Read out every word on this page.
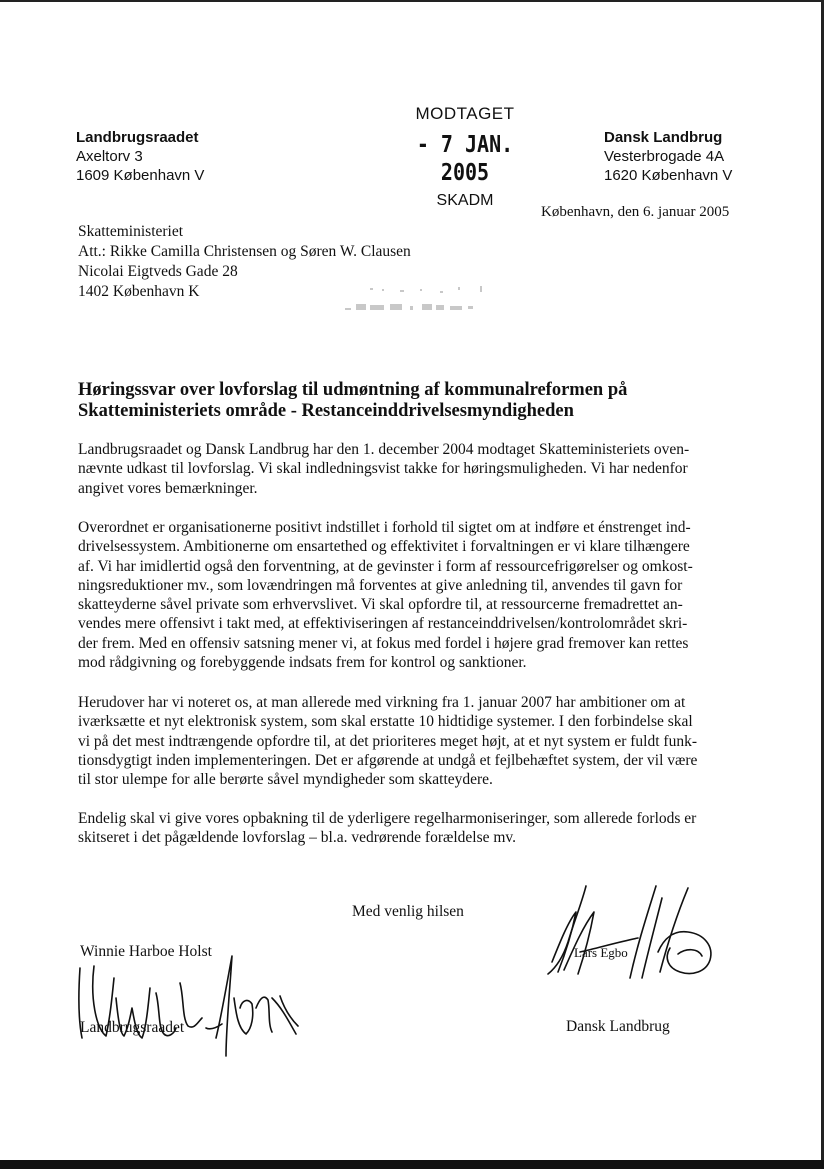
Landbrugsraadet
Axeltorv 3
1609 København V
MODTAGET
- 7 JAN. 2005
SKADM
Dansk Landbrug
Vesterbrogade 4A
1620 København V
København, den 6. januar 2005
Skatteministeriet
Att.: Rikke Camilla Christensen og Søren W. Clausen
Nicolai Eigtveds Gade 28
1402 København K
Høringssvar over lovforslag til udmøntning af kommunalreformen på
Skatteministeriets område - Restanceinddrivelsesmyndigheden
Landbrugsraadet og Dansk Landbrug har den 1. december 2004 modtaget Skatteministeriets oven-
nævnte udkast til lovforslag. Vi skal indledningsvist takke for høringsmuligheden. Vi har nedenfor
angivet vores bemærkninger.
Overordnet er organisationerne positivt indstillet i forhold til sigtet om at indføre et énstrenget ind-
drivelsessystem. Ambitionerne om ensartethed og effektivitet i forvaltningen er vi klare tilhængere
af. Vi har imidlertid også den forventning, at de gevinster i form af ressourcefrigørelser og omkost-
ningsreduktioner mv., som lovændringen må forventes at give anledning til, anvendes til gavn for
skatteyderne såvel private som erhvervslivet. Vi skal opfordre til, at ressourcerne fremadrettet an-
vendes mere offensivt i takt med, at effektiviseringen af restanceinddrivelsen/kontrolområdet skri-
der frem. Med en offensiv satsning mener vi, at fokus med fordel i højere grad fremover kan rettes
mod rådgivning og forebyggende indsats frem for kontrol og sanktioner.
Herudover har vi noteret os, at man allerede med virkning fra 1. januar 2007 har ambitioner om at
iværksætte et nyt elektronisk system, som skal erstatte 10 hidtidige systemer. I den forbindelse skal
vi på det mest indtrængende opfordre til, at det prioriteres meget højt, at et nyt system er fuldt funk-
tionsdygtigt inden implementeringen. Det er afgørende at undgå et fejlbehæftet system, der vil være
til stor ulempe for alle berørte såvel myndigheder som skatteydere.
Endelig skal vi give vores opbakning til de yderligere regelharmoniseringer, som allerede forlods er
skitseret i det pågældende lovforslag – bl.a. vedrørende forældelse mv.
Med venlig hilsen
Winnie Harboe Holst
Landbrugsraadet
Lars Egbo
Dansk Landbrug
